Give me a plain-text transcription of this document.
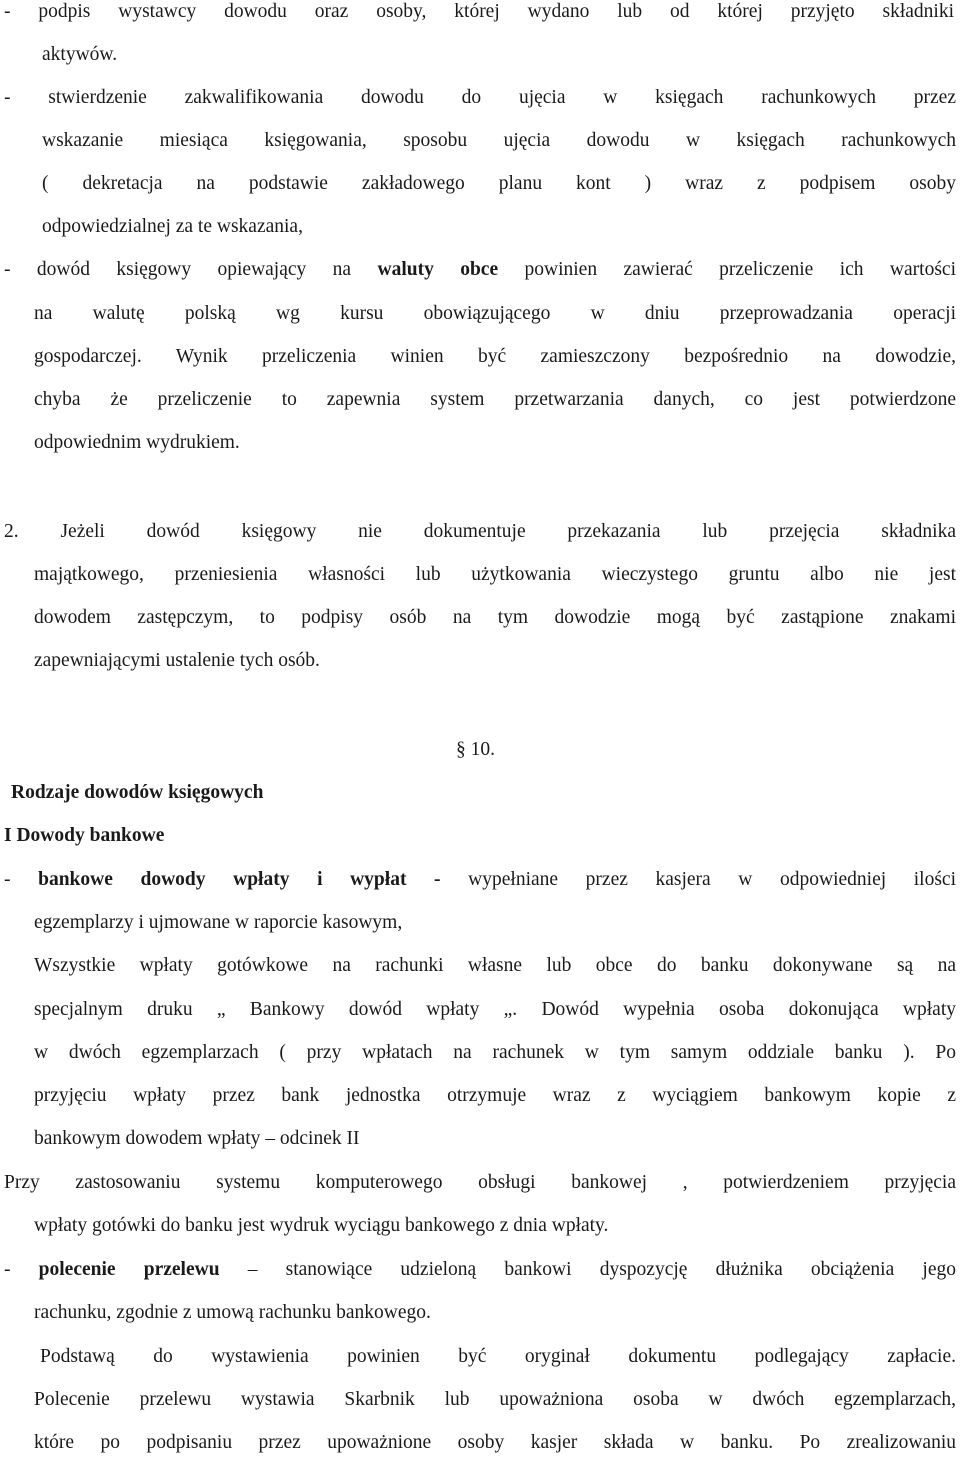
- podpis wystawcy dowodu oraz osoby, której wydano lub od której przyjęto składniki
aktywów.
- stwierdzenie zakwalifikowania dowodu do ujęcia w księgach rachunkowych przez
wskazanie miesiąca księgowania, sposobu ujęcia dowodu w księgach rachunkowych
( dekretacja na podstawie zakładowego planu kont ) wraz z podpisem osoby
odpowiedzialnej za te wskazania,
- dowód księgowy opiewający na waluty obce powinien zawierać przeliczenie ich wartości
na walutę polską wg kursu obowiązującego w dniu przeprowadzania operacji
gospodarczej. Wynik przeliczenia winien być zamieszczony bezpośrednio na dowodzie,
chyba że przeliczenie to zapewnia system przetwarzania danych, co jest potwierdzone
odpowiednim wydrukiem.
2. Jeżeli dowód księgowy nie dokumentuje przekazania lub przejęcia składnika
majątkowego, przeniesienia własności lub użytkowania wieczystego gruntu albo nie jest
dowodem zastępczym, to podpisy osób na tym dowodzie mogą być zastąpione znakami
zapewniającymi ustalenie tych osób.
§ 10.
Rodzaje dowodów księgowych
I Dowody bankowe
- bankowe dowody wpłaty i wypłat - wypełniane przez kasjera w odpowiedniej ilości
egzemplarzy i ujmowane w raporcie kasowym,
Wszystkie wpłaty gotówkowe na rachunki własne lub obce do banku dokonywane są na
specjalnym druku „ Bankowy dowód wpłaty „. Dowód wypełnia osoba dokonująca wpłaty
w dwóch egzemplarzach ( przy wpłatach na rachunek w tym samym oddziale banku ). Po
przyjęciu wpłaty przez bank jednostka otrzymuje wraz z wyciągiem bankowym kopie z
bankowym dowodem wpłaty – odcinek II
Przy zastosowaniu systemu komputerowego obsługi bankowej , potwierdzeniem przyjęcia
wpłaty gotówki do banku jest wydruk wyciągu bankowego z dnia wpłaty.
- polecenie przelewu – stanowiące udzieloną bankowi dyspozycję dłużnika obciążenia jego
rachunku, zgodnie z umową rachunku bankowego.
Podstawą do wystawienia powinien być oryginał dokumentu podlegający zapłacie.
Polecenie przelewu wystawia Skarbnik lub upoważniona osoba w dwóch egzemplarzach,
które po podpisaniu przez upoważnione osoby kasjer składa w banku. Po zrealizowaniu
